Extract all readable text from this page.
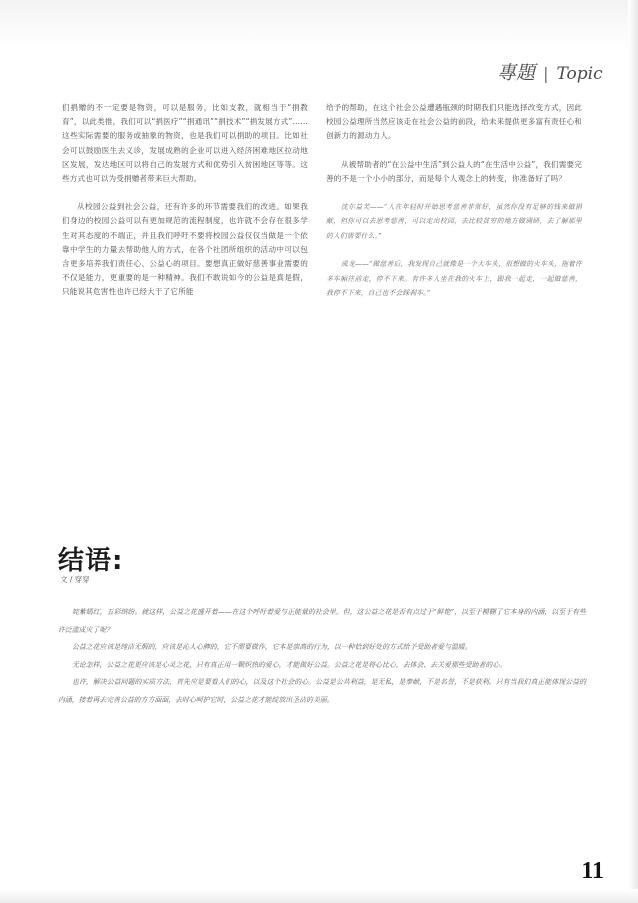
專題 | Topic

们捐赠的不一定要是物资，可以是服务，比如支教，就相当于“捐教育”，以此类推，我们可以“捐医疗”“捐通讯”“捐技术”“捐发展方式”……这些实际需要的服务或抽象的物资，也是我们可以捐助的项目。比如社会可以鼓励医生去义诊，发展成熟的企业可以进入经济困难地区拉动地区发展，发达地区可以将自己的发展方式和优势引入贫困地区等等。这些方式也可以为受捐赠者带来巨大帮助。

从校园公益到社会公益，还有许多的环节需要我们的改进。如果我们身边的校园公益可以有更加规范的流程制度，也许就不会存在很多学生对其态度的不端正，并且我们呼吁不要将校园公益仅仅当做是一个依靠中学生的力量去帮助他人的方式，在各个社团所组织的活动中可以包含更多培养我们责任心、公益心的项目。要想真正做好慈善事业需要的不仅是能力，更重要的是一种精神。我们不敢说如今的公益是真是假，只能说其危害性也许已经大于了它所能

给予的帮助，在这个社会公益遭遇瓶颈的时期我们只能选择改变方式，因此校园公益理所当然应该走在社会公益的前段，给未来提供更多富有责任心和创新力的源动力人。

从被帮助者的“在公益中生活”到公益人的“在生活中公益”，我们需要完善的不是一个小小的部分，而是每个人观念上的转变，你准备好了吗？

沈尔益芙——“人在年轻时开始思考慈善非常好，虽然你没有足够的钱来做捐献，但你可以去思考慈善，可以走出校园，去比较贫穷的地方做调研，去了解那里的人们需要什么。”

成龙——“做慈善后，我发现自己就像是一个大车头，很想做的火车头，拖着许多车厢往前走，停不下来。有许多人坐在我的火车上，跟我一起走，一起做慈善，我停不下来，自己也不会踩刹车。”

结语:
文 / 穿穿

姹紫嫣红，五彩缤纷。就这样，公益之花盛开着——在这个呼吁着爱与正能量的社会里。但，这公益之花是否有点过于“鲜艳”，以至于模糊了它本身的内涵，以至于有些许泛滥成灾了呢？

公益之花应该是纯洁无瑕的，应该是沁人心脾的，它不需要做作，它本是崇高的行为，以一种恰到好处的方式给予受助者爱与温暖。

无论怎样，公益之花更应该是心灵之花，只有真正用一颗炽热的爱心，才能做好公益。公益之花是将心比心，去体会、去关爱那些受助者的心。

也许，解决公益问题的实质方法，首先应是要看人们的心，以及这个社会的心。公益是公共利益，是无私，是奉献，不是名誉，不是获利。只有当我们真正能体现公益的内涵，接着再去完善公益的方方面面，去时心呵护它时，公益之花才能绽放出圣洁的美丽。

11
